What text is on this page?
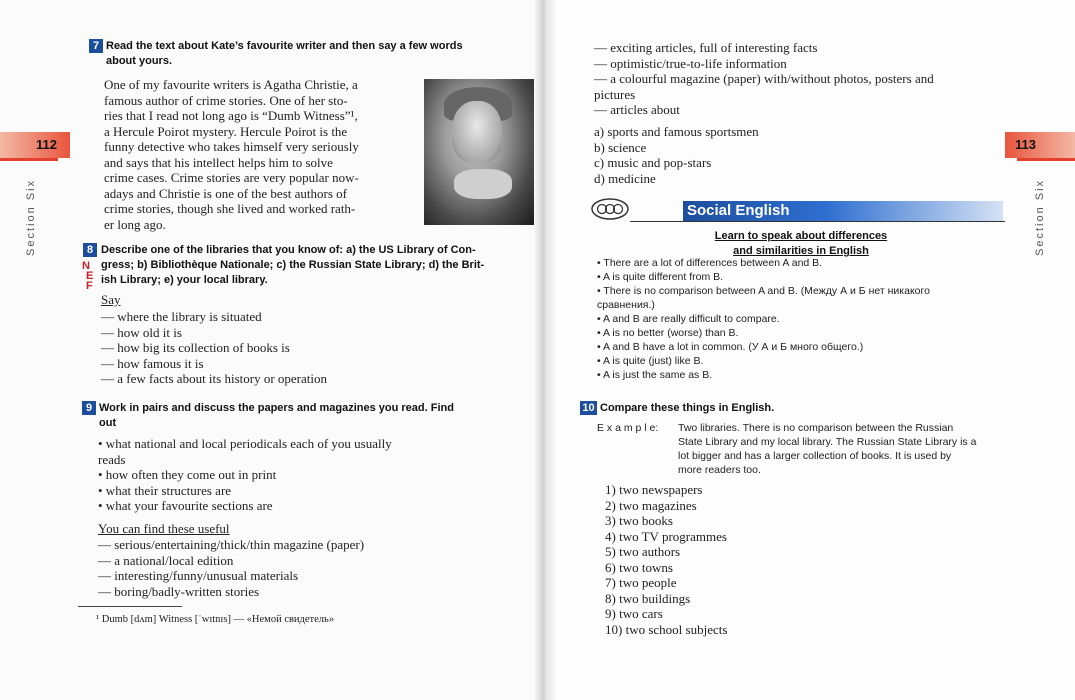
112
Section Six
7 Read the text about Kate’s favourite writer and then say a few words
about yours.
One of my favourite writers is Agatha Christie, a
famous author of crime stories. One of her sto-
ries that I read not long ago is “Dumb Witness”¹,
a Hercule Poirot mystery. Hercule Poirot is the
funny detective who takes himself very seriously
and says that his intellect helps him to solve
crime cases. Crime stories are very popular now-
adays and Christie is one of the best authors of
crime stories, though she lived and worked rath-
er long ago.
8
N
E
F
Describe one of the libraries that you know of: a) the US Library of Con-
gress; b) Bibliothèque Nationale; c) the Russian State Library; d) the Brit-
ish Library; e) your local library.
Say
— where the library is situated
— how old it is
— how big its collection of books is
— how famous it is
— a few facts about its history or operation
9 Work in pairs and discuss the papers and magazines you read. Find
out
• what national and local periodicals each of you usually
reads
• how often they come out in print
• what their structures are
• what your favourite sections are
You can find these useful
— serious/entertaining/thick/thin magazine (paper)
— a national/local edition
— interesting/funny/unusual materials
— boring/badly-written stories
¹ Dumb [dʌm] Witness [ˈwɪtnɪs] — «Немой свидетель»
— exciting articles, full of interesting facts
— optimistic/true-to-life information
— a colourful magazine (paper) with/without photos, posters and
pictures
— articles about
a) sports and famous sportsmen
b) science
c) music and pop-stars
d) medicine
113
Section Six
Social English
Learn to speak about differences
and similarities in English
• There are a lot of differences between A and B.
• A is quite different from B.
• There is no comparison between A and B. (Между А и Б нет никакого
сравнения.)
• A and B are really difficult to compare.
• A is no better (worse) than B.
• A and B have a lot in common. (У А и Б много общего.)
• A is quite (just) like B.
• A is just the same as B.
10 Compare these things in English.
E x a m p l e: Two libraries. There is no comparison between the Russian
State Library and my local library. The Russian State Library is a
lot bigger and has a larger collection of books. It is used by
more readers too.
1) two newspapers
2) two magazines
3) two books
4) two TV programmes
5) two authors
6) two towns
7) two people
8) two buildings
9) two cars
10) two school subjects
